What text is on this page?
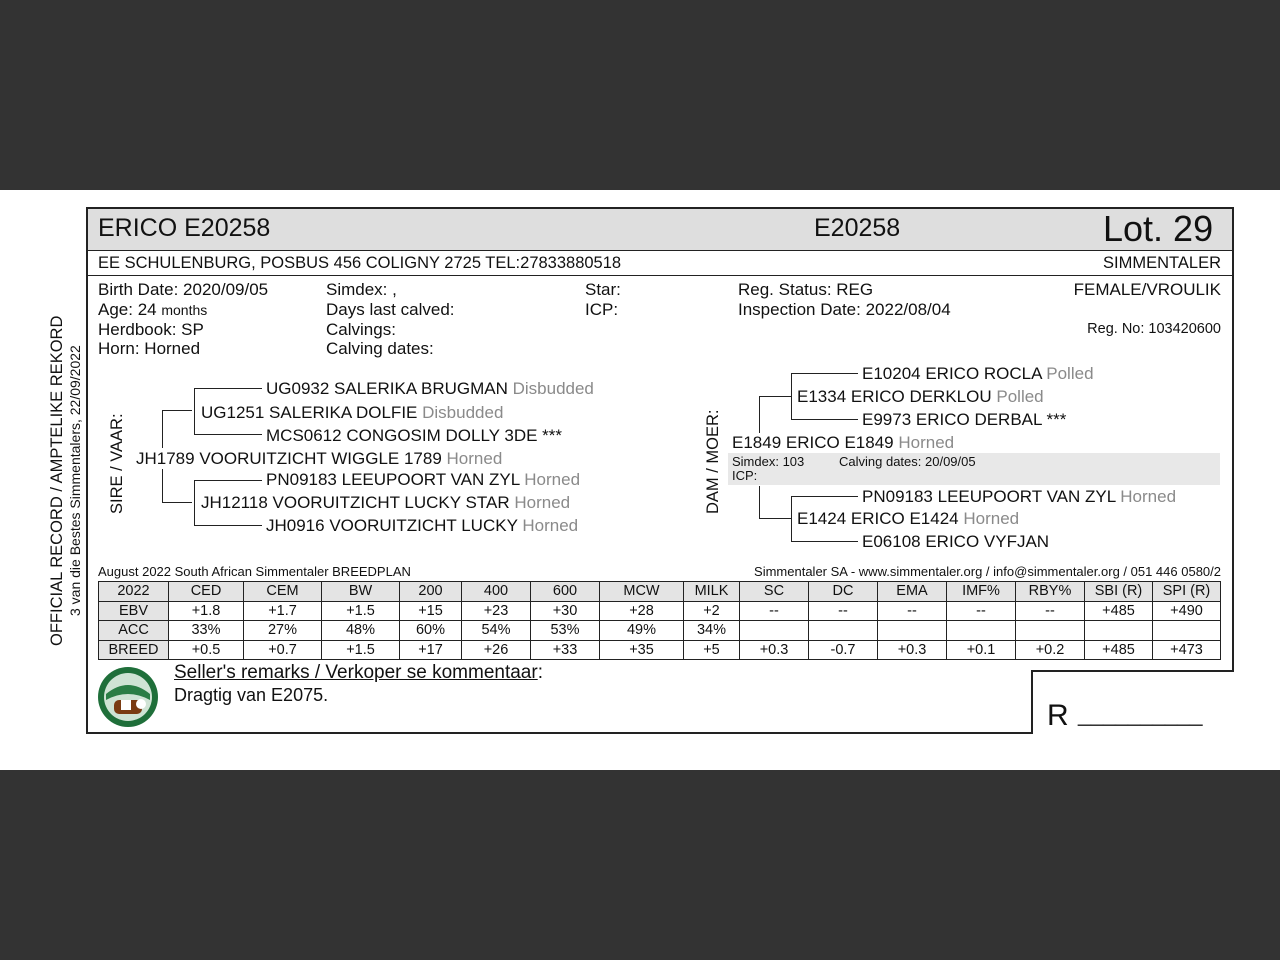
OFFICIAL RECORD / AMPTELIKE REKORD 3 van die Bestes Simmentalers, 22/09/2022
ERICO E20258	E20258	Lot. 29
EE SCHULENBURG, POSBUS 456 COLIGNY 2725 TEL:27833880518	SIMMENTALER
Birth Date: 2020/09/05
Age: 24 months
Herdbook: SP
Horn: Horned
Simdex: ,
Days last calved:
Calvings:
Calving dates:
Star:
ICP:
Reg. Status: REG
Inspection Date: 2022/08/04
FEMALE/VROULIK
Reg. No: 103420600
SIRE / VAAR:	DAM / MOER:
UG0932 SALERIKA BRUGMAN Disbudded
UG1251 SALERIKA DOLFIE Disbudded
MCS0612 CONGOSIM DOLLY 3DE ***
JH1789 VOORUITZICHT WIGGLE 1789 Horned
PN09183 LEEUPOORT VAN ZYL Horned
JH12118 VOORUITZICHT LUCKY STAR Horned
JH0916 VOORUITZICHT LUCKY Horned
E10204 ERICO ROCLA Polled
E1334 ERICO DERKLOU Polled
E9973 ERICO DERBAL ***
E1849 ERICO E1849 Horned
Simdex: 103	Calving dates: 20/09/05
ICP:
PN09183 LEEUPOORT VAN ZYL Horned
E1424 ERICO E1424 Horned
E06108 ERICO VYFJAN
August 2022 South African Simmentaler BREEDPLAN	Simmentaler SA - www.simmentaler.org / info@simmentaler.org / 051 446 0580/2
2022	CED	CEM	BW	200	400	600	MCW	MILK	SC	DC	EMA	IMF%	RBY%	SBI (R)	SPI (R)
EBV	+1.8	+1.7	+1.5	+15	+23	+30	+28	+2	--	--	--	--	--	+485	+490
ACC	33%	27%	48%	60%	54%	53%	49%	34%							
BREED	+0.5	+0.7	+1.5	+17	+26	+33	+35	+5	+0.3	-0.7	+0.3	+0.1	+0.2	+485	+473
Seller's remarks / Verkoper se kommentaar:
Dragtig van E2075.
R __________
